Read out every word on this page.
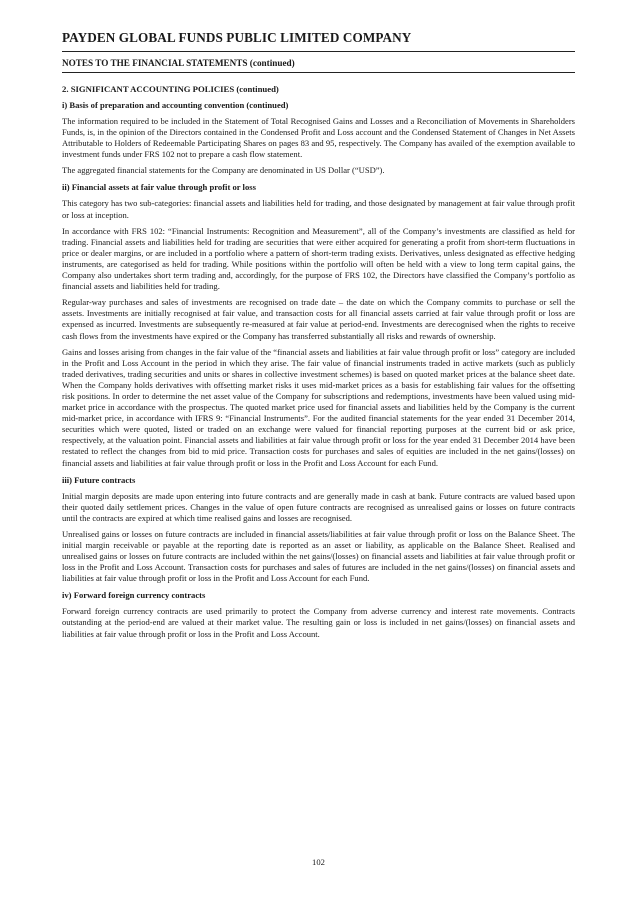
PAYDEN GLOBAL FUNDS PUBLIC LIMITED COMPANY
NOTES TO THE FINANCIAL STATEMENTS (continued)
2. SIGNIFICANT ACCOUNTING POLICIES (continued)
i) Basis of preparation and accounting convention (continued)

The information required to be included in the Statement of Total Recognised Gains and Losses and a Reconciliation of Movements in Shareholders Funds, is, in the opinion of the Directors contained in the Condensed Profit and Loss account and the Condensed Statement of Changes in Net Assets Attributable to Holders of Redeemable Participating Shares on pages 83 and 95, respectively. The Company has availed of the exemption available to investment funds under FRS 102 not to prepare a cash flow statement.

The aggregated financial statements for the Company are denominated in US Dollar (“USD”).

ii) Financial assets at fair value through profit or loss

This category has two sub-categories: financial assets and liabilities held for trading, and those designated by management at fair value through profit or loss at inception.

In accordance with FRS 102: “Financial Instruments: Recognition and Measurement”, all of the Company’s investments are classified as held for trading. Financial assets and liabilities held for trading are securities that were either acquired for generating a profit from short-term fluctuations in price or dealer margins, or are included in a portfolio where a pattern of short-term trading exists. Derivatives, unless designated as effective hedging instruments, are categorised as held for trading. While positions within the portfolio will often be held with a view to long term capital gains, the Company also undertakes short term trading and, accordingly, for the purpose of FRS 102, the Directors have classified the Company’s portfolio as financial assets and liabilities held for trading.

Regular-way purchases and sales of investments are recognised on trade date – the date on which the Company commits to purchase or sell the assets. Investments are initially recognised at fair value, and transaction costs for all financial assets carried at fair value through profit or loss are expensed as incurred. Investments are subsequently re-measured at fair value at period-end. Investments are derecognised when the rights to receive cash flows from the investments have expired or the Company has transferred substantially all risks and rewards of ownership.

Gains and losses arising from changes in the fair value of the “financial assets and liabilities at fair value through profit or loss” category are included in the Profit and Loss Account in the period in which they arise. The fair value of financial instruments traded in active markets (such as publicly traded derivatives, trading securities and units or shares in collective investment schemes) is based on quoted market prices at the balance sheet date. When the Company holds derivatives with offsetting market risks it uses mid-market prices as a basis for establishing fair values for the offsetting risk positions. In order to determine the net asset value of the Company for subscriptions and redemptions, investments have been valued using mid-market price in accordance with the prospectus. The quoted market price used for financial assets and liabilities held by the Company is the current mid-market price, in accordance with IFRS 9: “Financial Instruments”. For the audited financial statements for the year ended 31 December 2014, securities which were quoted, listed or traded on an exchange were valued for financial reporting purposes at the current bid or ask price, respectively, at the valuation point. Financial assets and liabilities at fair value through profit or loss for the year ended 31 December 2014 have been restated to reflect the changes from bid to mid price. Transaction costs for purchases and sales of equities are included in the net gains/(losses) on financial assets and liabilities at fair value through profit or loss in the Profit and Loss Account for each Fund.

iii) Future contracts

Initial margin deposits are made upon entering into future contracts and are generally made in cash at bank. Future contracts are valued based upon their quoted daily settlement prices. Changes in the value of open future contracts are recognised as unrealised gains or losses on future contracts until the contracts are expired at which time realised gains and losses are recognised.

Unrealised gains or losses on future contracts are included in financial assets/liabilities at fair value through profit or loss on the Balance Sheet. The initial margin receivable or payable at the reporting date is reported as an asset or liability, as applicable on the Balance Sheet. Realised and unrealised gains or losses on future contracts are included within the net gains/(losses) on financial assets and liabilities at fair value through profit or loss in the Profit and Loss Account. Transaction costs for purchases and sales of futures are included in the net gains/(losses) on financial assets and liabilities at fair value through profit or loss in the Profit and Loss Account for each Fund.

iv) Forward foreign currency contracts

Forward foreign currency contracts are used primarily to protect the Company from adverse currency and interest rate movements. Contracts outstanding at the period-end are valued at their market value. The resulting gain or loss is included in net gains/(losses) on financial assets and liabilities at fair value through profit or loss in the Profit and Loss Account.

102
